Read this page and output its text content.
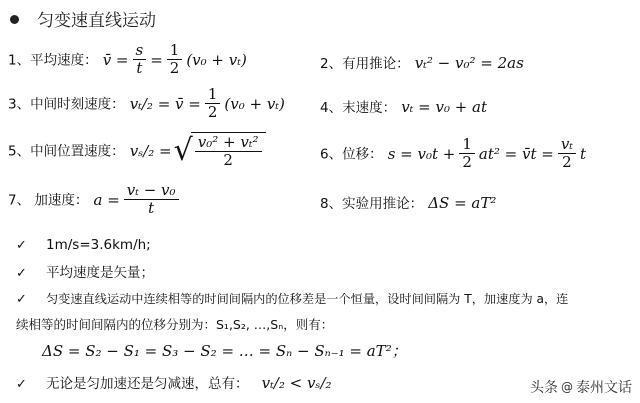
匀变速直线运动
1、平均速度： v̄ = $\frac{s}{t} = \frac{1}{2} (v_0 + v_t)$	2、有用推论： vₜ² − v₀² = 2as
3、中间时刻速度： vₜ/₂ = v̄ = $\frac{1}{2} (v_0 + v_t)$	4、末速度： vₜ = v₀ + at
5、中间位置速度： vₛ/₂ = √ $\frac{\text{v₀² + vₜ²}}{2}$	6、位移： $s = v_0t + \frac{1}{2} at^2$ = v̄t = $\frac{\text{vₜ}}{2}$ t
7、 加速度： $a = \frac{\text{vₜ − v₀}}{t}$	8、实验用推论： ΔS = aT²
✓ 1m/s=3.6km/h;
✓ 平均速度是矢量；
✓ 匀变速直线运动中连续相等的时间间隔内的位移差是一个恒量，设时间间隔为 T，加速度为 a，连
续相等的时间间隔内的位移分别为：S₁,S₂, …,Sₙ，则有：
ΔS = S₂ − S₁ = S₃ − S₂ = … = Sₙ − Sₙ₋₁ = aT²；
✓ 无论是匀加速还是匀减速，总有： vₜ/₂ < vₛ/₂	头条 @ 泰州文话
